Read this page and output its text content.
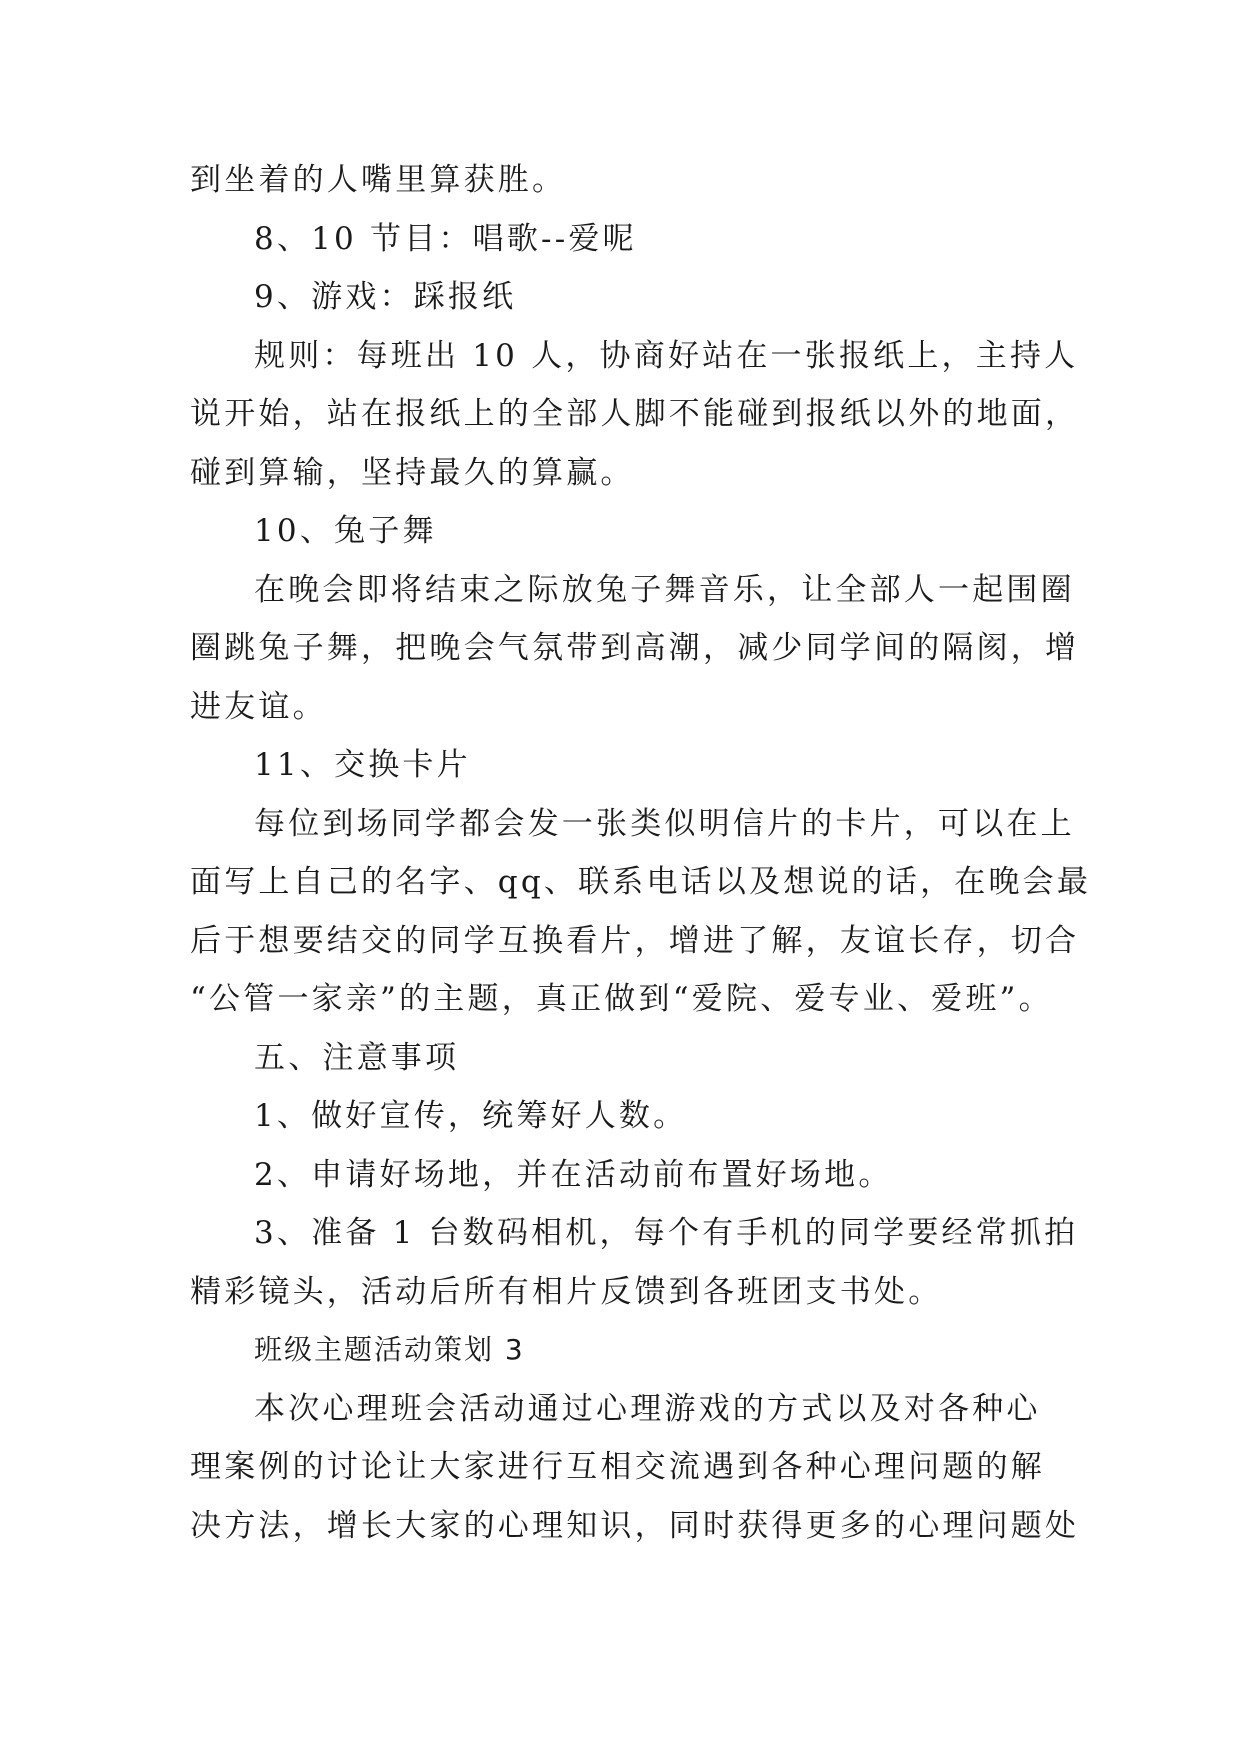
到坐着的人嘴里算获胜。
8、10 节目：唱歌--爱呢
9、游戏：踩报纸
规则：每班出 10 人，协商好站在一张报纸上，主持人
说开始，站在报纸上的全部人脚不能碰到报纸以外的地面，
碰到算输，坚持最久的算赢。
10、兔子舞
在晚会即将结束之际放兔子舞音乐，让全部人一起围圈
圈跳兔子舞，把晚会气氛带到高潮，减少同学间的隔阂，增
进友谊。
11、交换卡片
每位到场同学都会发一张类似明信片的卡片，可以在上
面写上自己的名字、qq、联系电话以及想说的话，在晚会最
后于想要结交的同学互换看片，增进了解，友谊长存，切合
“公管一家亲”的主题，真正做到“爱院、爱专业、爱班”。
五、注意事项
1、做好宣传，统筹好人数。
2、申请好场地，并在活动前布置好场地。
3、准备 1 台数码相机，每个有手机的同学要经常抓拍
精彩镜头，活动后所有相片反馈到各班团支书处。
班级主题活动策划 3
本次心理班会活动通过心理游戏的方式以及对各种心
理案例的讨论让大家进行互相交流遇到各种心理问题的解
决方法，增长大家的心理知识，同时获得更多的心理问题处
